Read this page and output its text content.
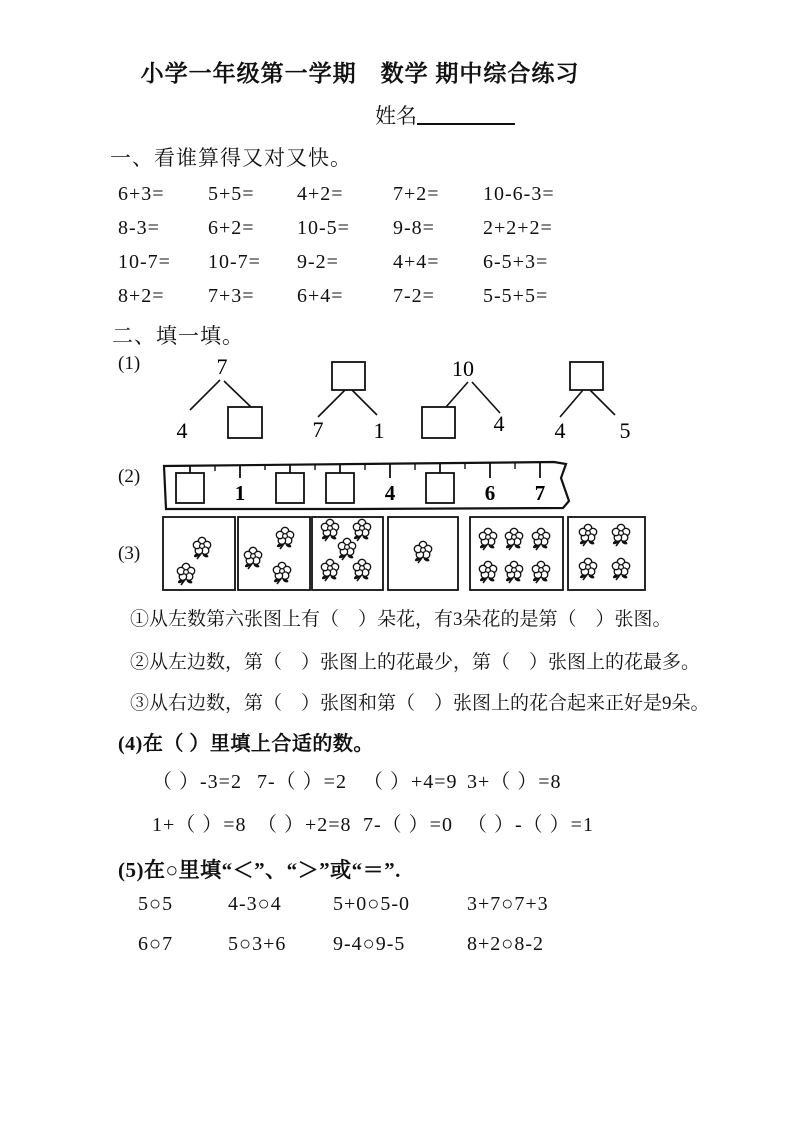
小学一年级第一学期　数学 期中综合练习
姓名
一、看谁算得又对又快。
6+3=	5+5=	4+2=	7+2=	10-6-3=
8-3=	6+2=	10-5=	9-8=	2+2+2=
10-7=	10-7=	9-2=	4+4=	6-5+3=
8+2=	7+3=	6+4=	7-2=	5-5+5=
二、填一填。
(1)	7
4	7 1
10
4 4 5
(2)
1	4	6 7
(3)
①从左数第六张图上有（　）朵花，有3朵花的是第（　）张图。
②从左边数，第（　）张图上的花最少，第（　）张图上的花最多。
③从右边数，第（　）张图和第（　）张图上的花合起来正好是9朵。
(4)在（ ）里填上合适的数。
（ ）-3=2 7-（ ）=2 （ ）+4=9 3+（ ）=8
1+（ ）=8 （ ）+2=8 7-（ ）=0 （ ）-（ ）=1
(5)在○里填“＜”、“＞”或“＝”.
5○5	4-3○4	5+0○5-0	3+7○7+3
6○7	5○3+6	9-4○9-5	8+2○8-2
